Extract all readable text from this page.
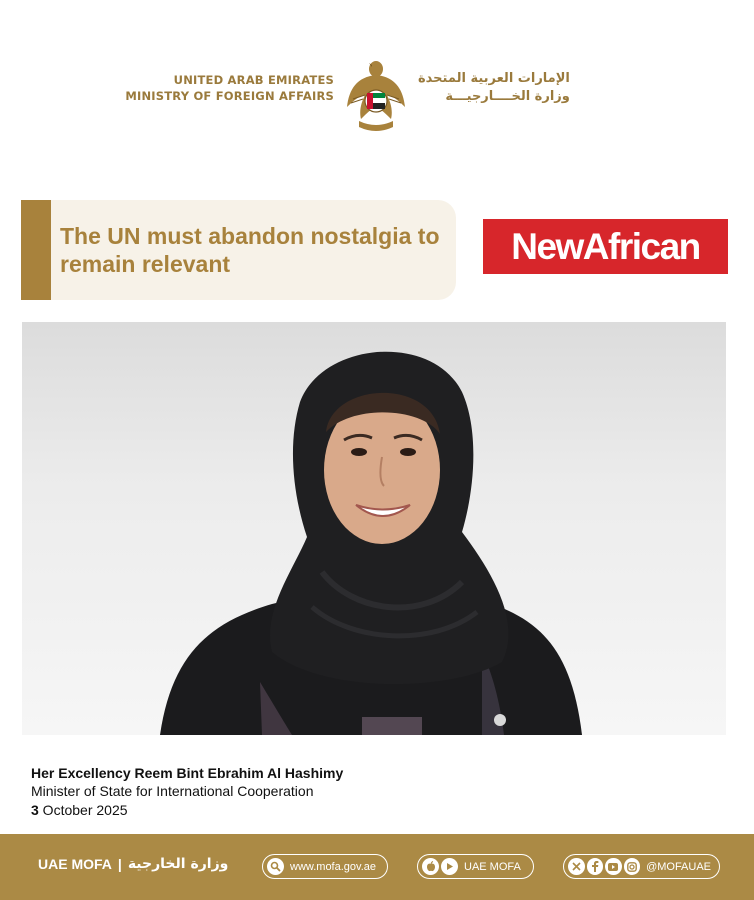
UNITED ARAB EMIRATES
MINISTRY OF FOREIGN AFFAIRS
الإمارات العربية المتحدة
وزارة الخــــارجيـــة
The UN must abandon nostalgia to remain relevant	NewAfrican
Her Excellency Reem Bint Ebrahim Al Hashimy
Minister of State for International Cooperation
3 October 2025
UAE MOFA | وزارة الخارجية	www.mofa.gov.ae	UAE MOFA	@MOFAUAE
